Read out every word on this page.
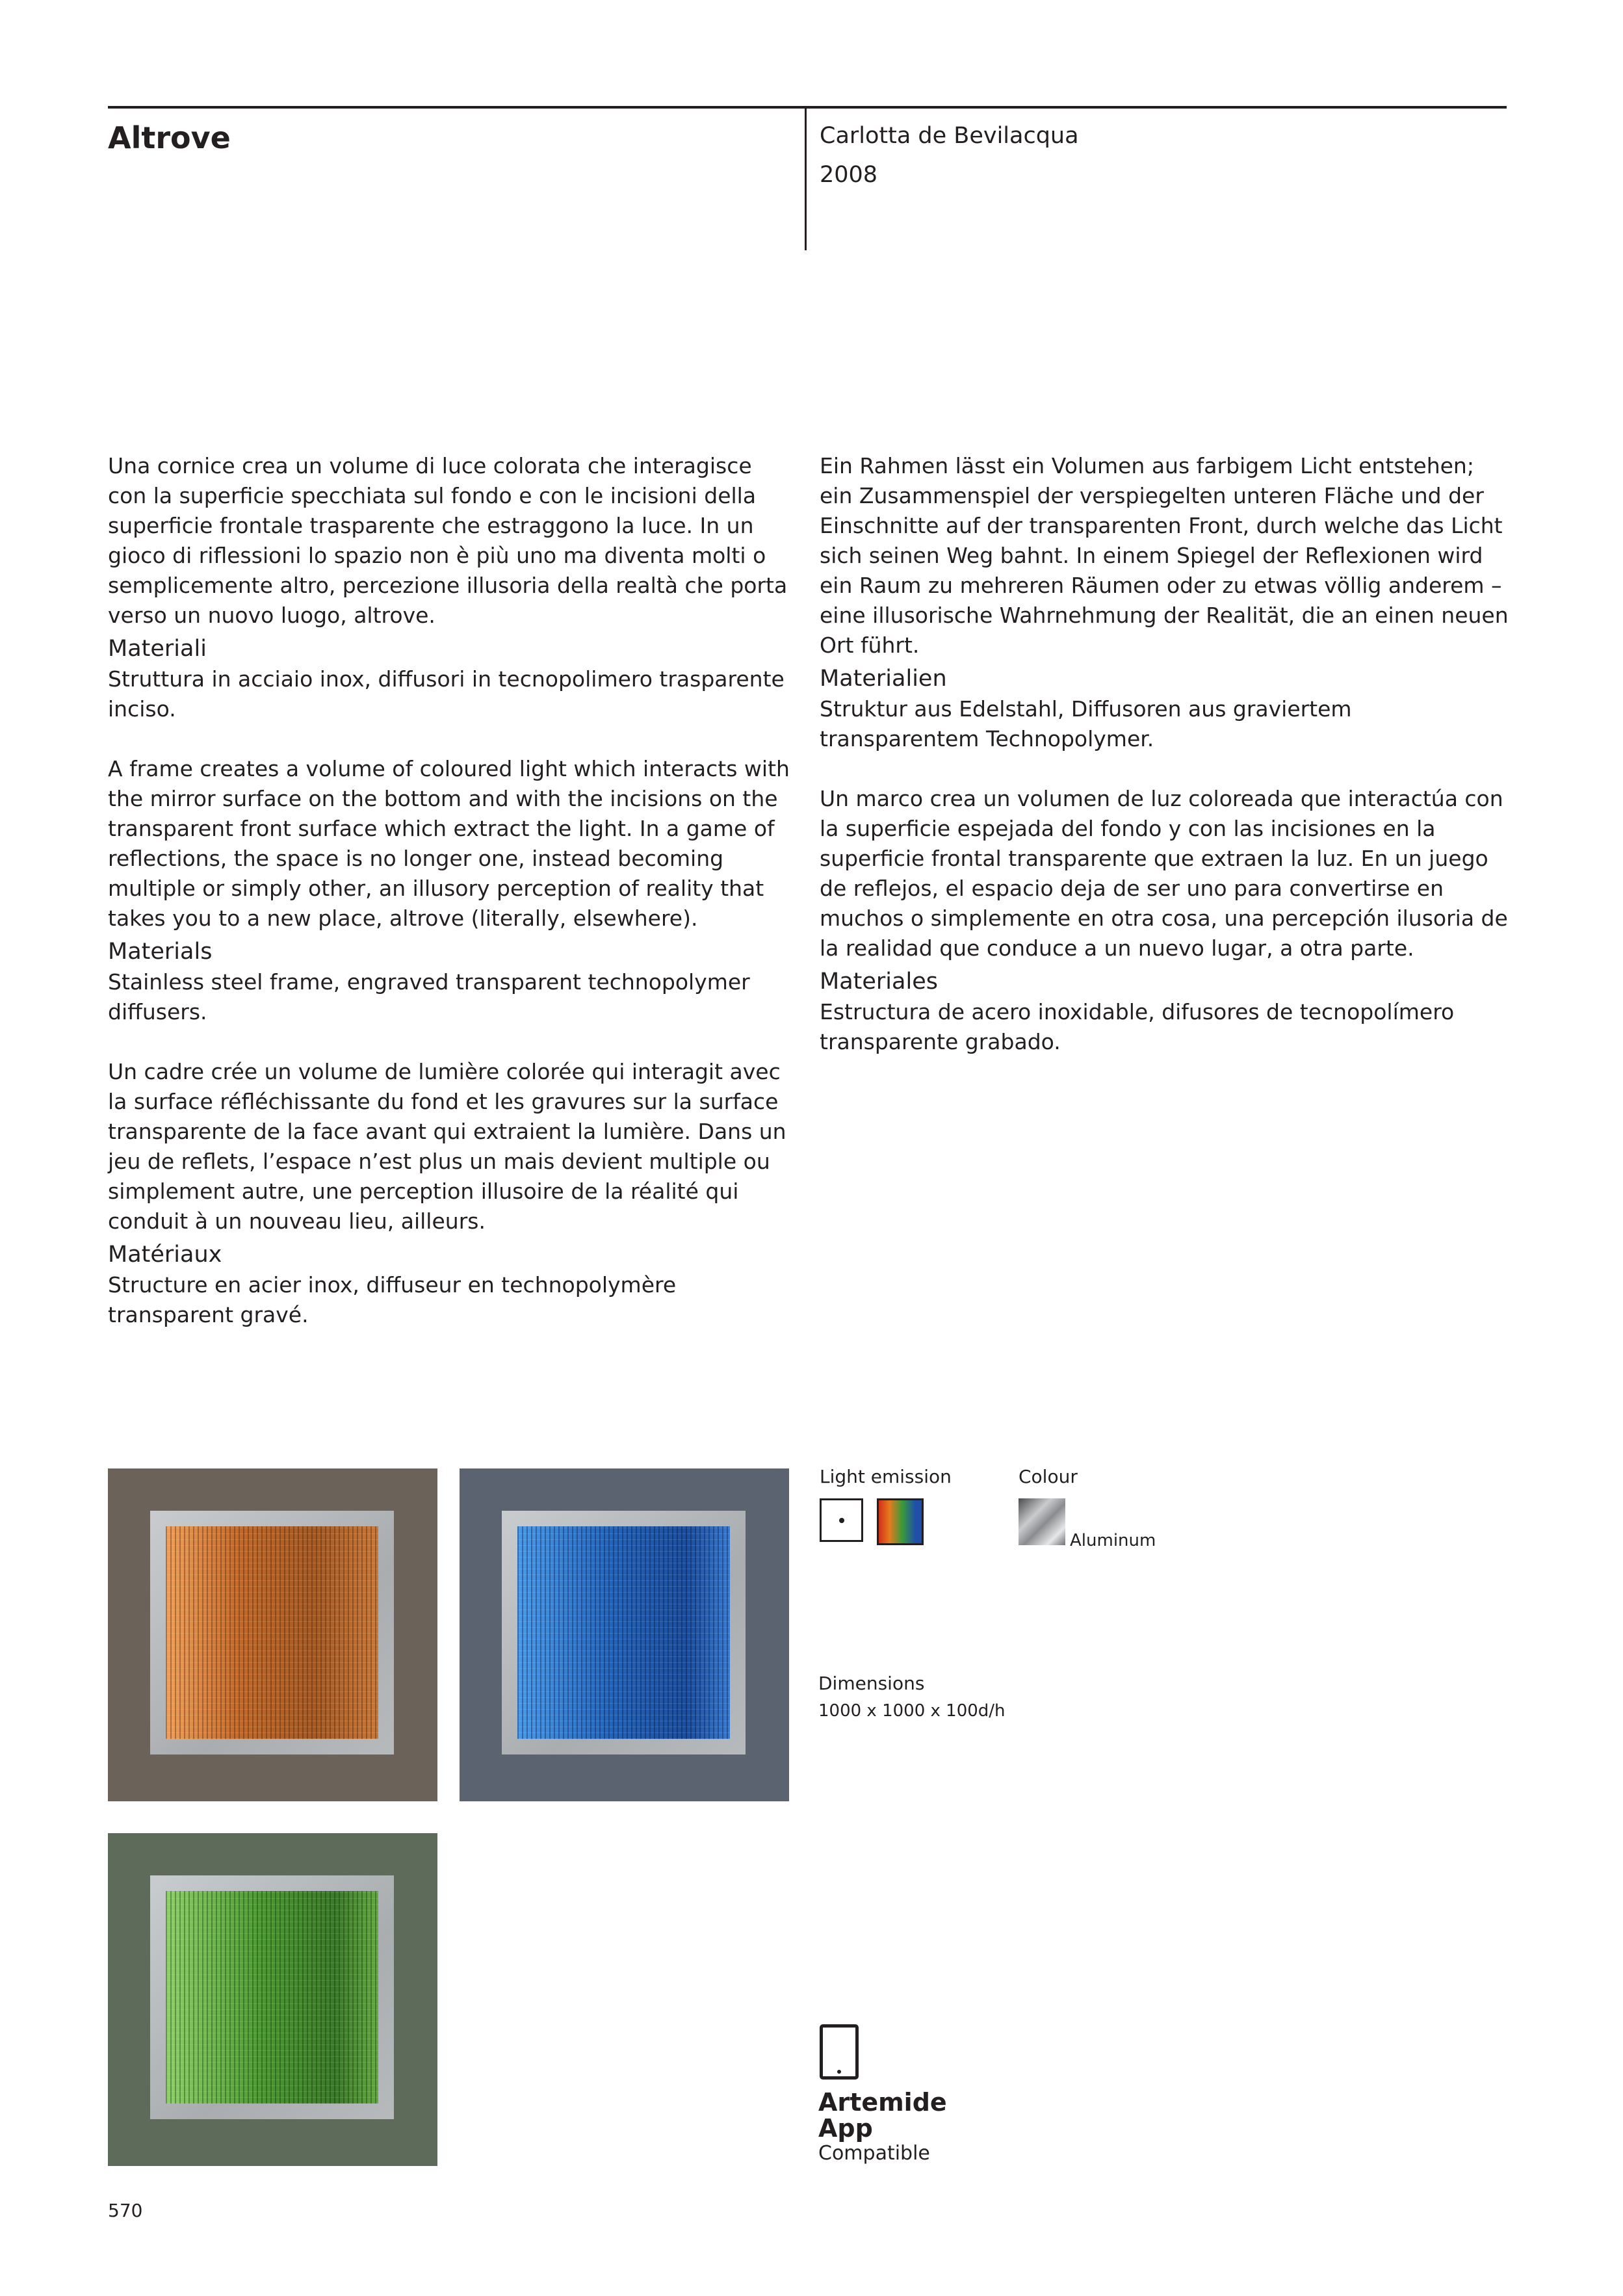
Altrove	Carlotta de Bevilacqua
2008

Una cornice crea un volume di luce colorata che interagisce con la superficie specchiata sul fondo e con le incisioni della superficie frontale trasparente che estraggono la luce. In un gioco di riflessioni lo spazio non è più uno ma diventa molti o semplicemente altro, percezione illusoria della realtà che porta verso un nuovo luogo, altrove.

Materiali

Struttura in acciaio inox, diffusori in tecnopolimero trasparente inciso.

A frame creates a volume of coloured light which interacts with the mirror surface on the bottom and with the incisions on the transparent front surface which extract the light. In a game of reflections, the space is no longer one, instead becoming multiple or simply other, an illusory perception of reality that takes you to a new place, altrove (literally, elsewhere).

Materials

Stainless steel frame, engraved transparent technopolymer diffusers.

Un cadre crée un volume de lumière colorée qui interagit avec la surface réfléchissante du fond et les gravures sur la surface transparente de la face avant qui extraient la lumière. Dans un jeu de reflets, l’espace n’est plus un mais devient multiple ou simplement autre, une perception illusoire de la réalité qui conduit à un nouveau lieu, ailleurs.

Matériaux

Structure en acier inox, diffuseur en technopolymère transparent gravé.

Ein Rahmen lässt ein Volumen aus farbigem Licht entstehen; ein Zusammenspiel der verspiegelten unteren Fläche und der Einschnitte auf der transparenten Front, durch welche das Licht sich seinen Weg bahnt. In einem Spiegel der Reflexionen wird ein Raum zu mehreren Räumen oder zu etwas völlig anderem – eine illusorische Wahrnehmung der Realität, die an einen neuen Ort führt.

Materialien

Struktur aus Edelstahl, Diffusoren aus graviertem transparentem Technopolymer.

Un marco crea un volumen de luz coloreada que interactúa con la superficie espejada del fondo y con las incisiones en la superficie frontal transparente que extraen la luz. En un juego de reflejos, el espacio deja de ser uno para convertirse en muchos o simplemente en otra cosa, una percepción ilusoria de la realidad que conduce a un nuevo lugar, a otra parte.

Materiales

Estructura de acero inoxidable, difusores de tecnopolímero transparente grabado.

Light emission	Colour
Aluminum
Dimensions
1000 x 1000 x 100d/h
Artemide App
Compatible
570
